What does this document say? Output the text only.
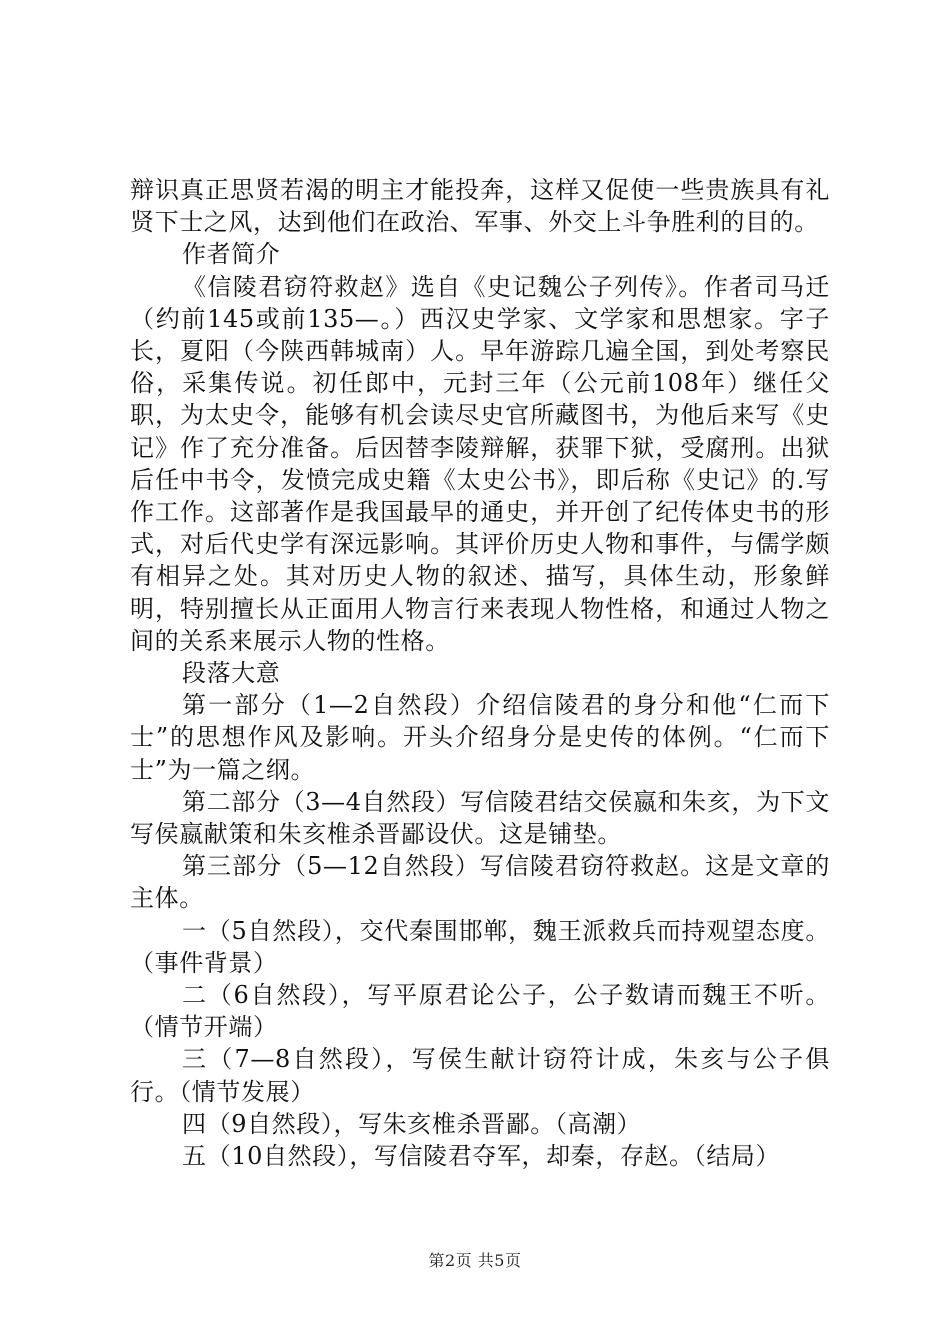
辩识真正思贤若渴的明主才能投奔，这样又促使一些贵族具有礼贤下士之风，达到他们在政治、军事、外交上斗争胜利的目的。

作者简介

《信陵君窃符救赵》选自《史记魏公子列传》。作者司马迁（约前145或前135—。）西汉史学家、文学家和思想家。字子长，夏阳（今陕西韩城南）人。早年游踪几遍全国，到处考察民俗，采集传说。初任郎中，元封三年（公元前108年）继任父职，为太史令，能够有机会读尽史官所藏图书，为他后来写《史记》作了充分准备。后因替李陵辩解，获罪下狱，受腐刑。出狱后任中书令，发愤完成史籍《太史公书》，即后称《史记》的.写作工作。这部著作是我国最早的通史，并开创了纪传体史书的形式，对后代史学有深远影响。其评价历史人物和事件，与儒学颇有相异之处。其对历史人物的叙述、描写，具体生动，形象鲜明，特别擅长从正面用人物言行来表现人物性格，和通过人物之间的关系来展示人物的性格。

段落大意

第一部分（1—2自然段）介绍信陵君的身分和他“仁而下士”的思想作风及影响。开头介绍身分是史传的体例。“仁而下士”为一篇之纲。

第二部分（3—4自然段）写信陵君结交侯嬴和朱亥，为下文写侯嬴献策和朱亥椎杀晋鄙设伏。这是铺垫。

第三部分（5—12自然段）写信陵君窃符救赵。这是文章的主体。

一（5自然段），交代秦围邯郸，魏王派救兵而持观望态度。（事件背景）

二（6自然段），写平原君论公子，公子数请而魏王不听。（情节开端）

三（7—8自然段），写侯生献计窃符计成，朱亥与公子俱行。（情节发展）

四（9自然段），写朱亥椎杀晋鄙。（高潮）

五（10自然段），写信陵君夺军，却秦，存赵。（结局）

第2页 共5页
